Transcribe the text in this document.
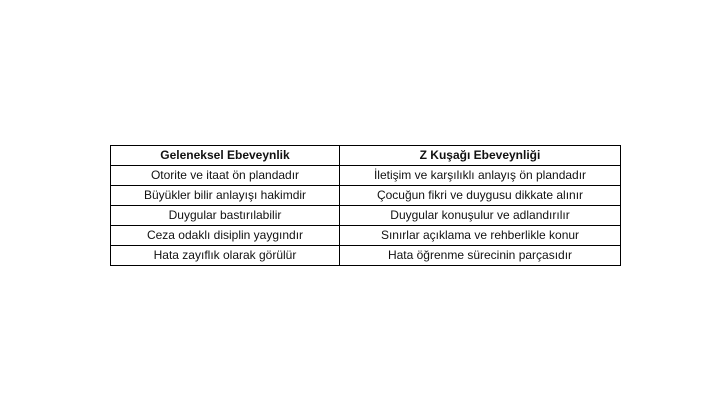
Geleneksel Ebeveynlik	Z Kuşağı Ebeveynliği
Otorite ve itaat ön plandadır	İletişim ve karşılıklı anlayış ön plandadır
Büyükler bilir anlayışı hakimdir	Çocuğun fikri ve duygusu dikkate alınır
Duygular bastırılabilir	Duygular konuşulur ve adlandırılır
Ceza odaklı disiplin yaygındır	Sınırlar açıklama ve rehberlikle konur
Hata zayıflık olarak görülür	Hata öğrenme sürecinin parçasıdır
